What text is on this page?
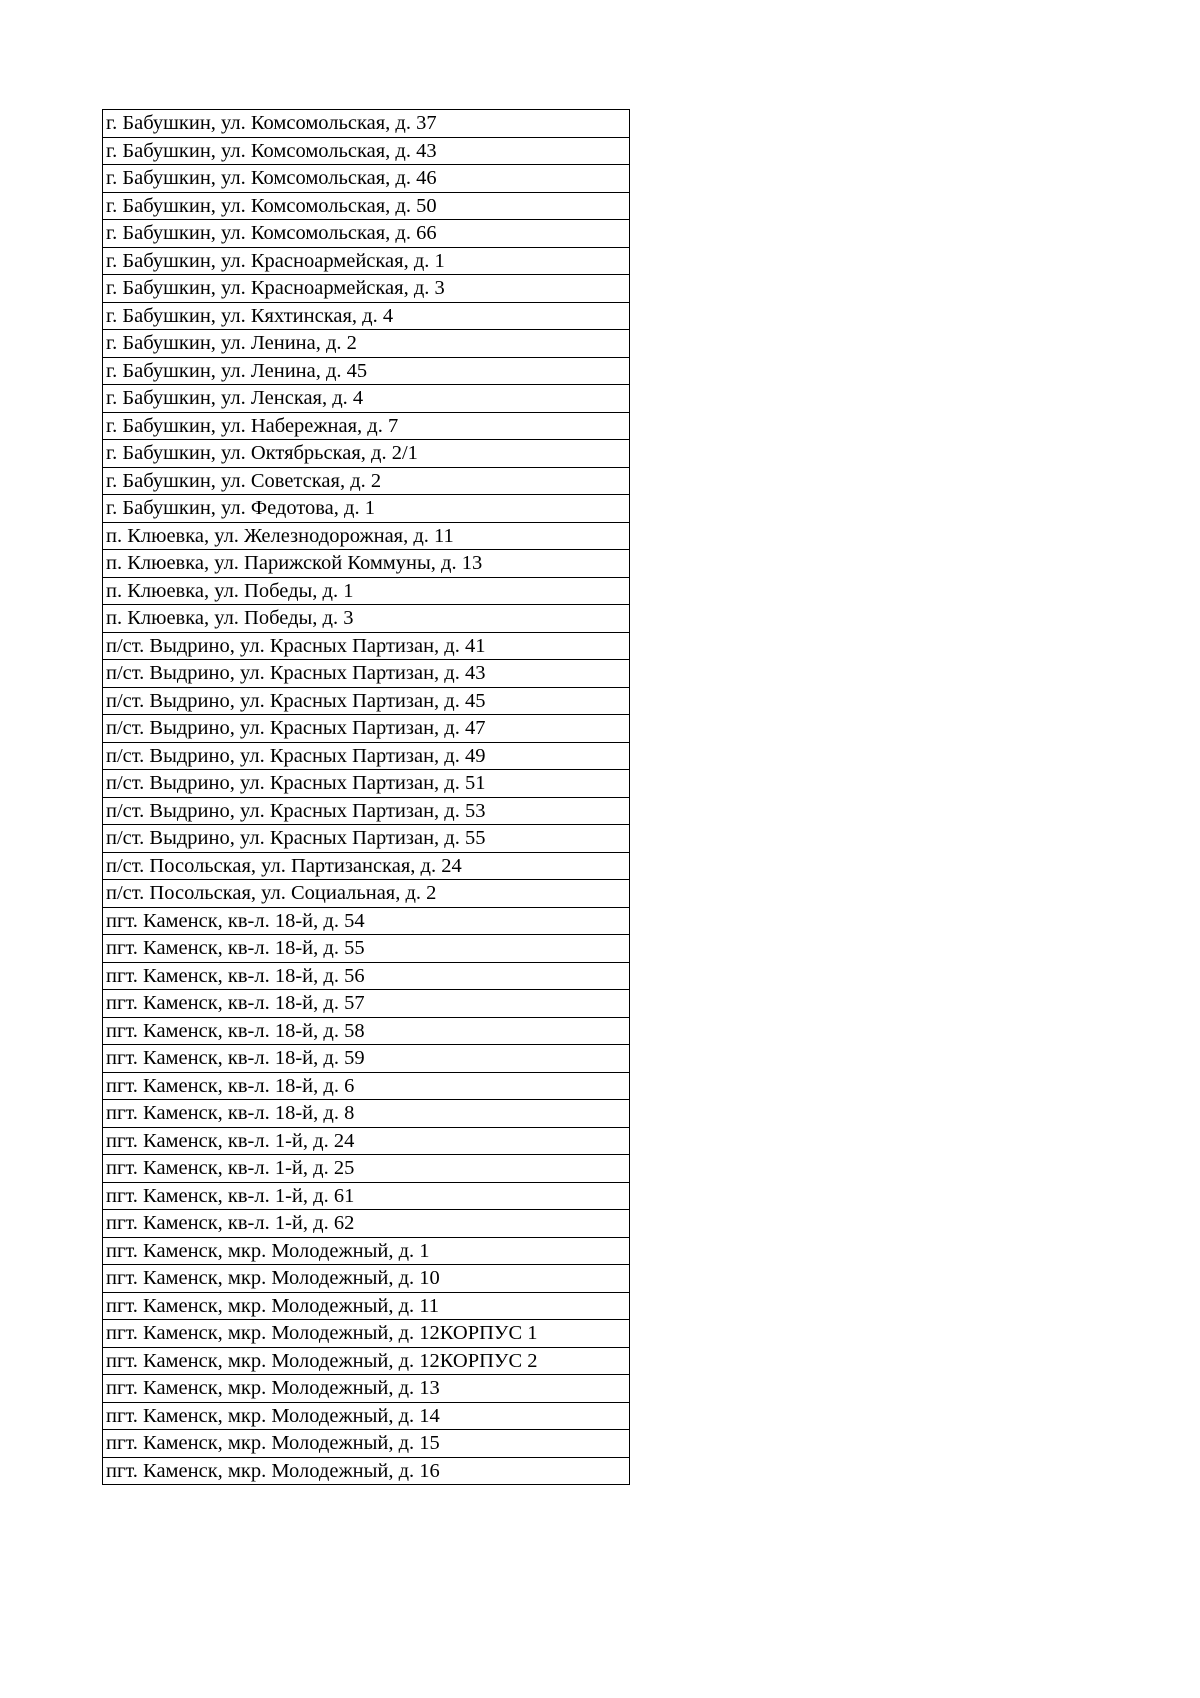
г. Бабушкин, ул. Комсомольская, д. 37
г. Бабушкин, ул. Комсомольская, д. 43
г. Бабушкин, ул. Комсомольская, д. 46
г. Бабушкин, ул. Комсомольская, д. 50
г. Бабушкин, ул. Комсомольская, д. 66
г. Бабушкин, ул. Красноармейская, д. 1
г. Бабушкин, ул. Красноармейская, д. 3
г. Бабушкин, ул. Кяхтинская, д. 4
г. Бабушкин, ул. Ленина, д. 2
г. Бабушкин, ул. Ленина, д. 45
г. Бабушкин, ул. Ленская, д. 4
г. Бабушкин, ул. Набережная, д. 7
г. Бабушкин, ул. Октябрьская, д. 2/1
г. Бабушкин, ул. Советская, д. 2
г. Бабушкин, ул. Федотова, д. 1
п. Клюевка, ул. Железнодорожная, д. 11
п. Клюевка, ул. Парижской Коммуны, д. 13
п. Клюевка, ул. Победы, д. 1
п. Клюевка, ул. Победы, д. 3
п/ст. Выдрино, ул. Красных Партизан, д. 41
п/ст. Выдрино, ул. Красных Партизан, д. 43
п/ст. Выдрино, ул. Красных Партизан, д. 45
п/ст. Выдрино, ул. Красных Партизан, д. 47
п/ст. Выдрино, ул. Красных Партизан, д. 49
п/ст. Выдрино, ул. Красных Партизан, д. 51
п/ст. Выдрино, ул. Красных Партизан, д. 53
п/ст. Выдрино, ул. Красных Партизан, д. 55
п/ст. Посольская, ул. Партизанская, д. 24
п/ст. Посольская, ул. Социальная, д. 2
пгт. Каменск, кв-л. 18-й, д. 54
пгт. Каменск, кв-л. 18-й, д. 55
пгт. Каменск, кв-л. 18-й, д. 56
пгт. Каменск, кв-л. 18-й, д. 57
пгт. Каменск, кв-л. 18-й, д. 58
пгт. Каменск, кв-л. 18-й, д. 59
пгт. Каменск, кв-л. 18-й, д. 6
пгт. Каменск, кв-л. 18-й, д. 8
пгт. Каменск, кв-л. 1-й, д. 24
пгт. Каменск, кв-л. 1-й, д. 25
пгт. Каменск, кв-л. 1-й, д. 61
пгт. Каменск, кв-л. 1-й, д. 62
пгт. Каменск, мкр. Молодежный, д. 1
пгт. Каменск, мкр. Молодежный, д. 10
пгт. Каменск, мкр. Молодежный, д. 11
пгт. Каменск, мкр. Молодежный, д. 12КОРПУС 1
пгт. Каменск, мкр. Молодежный, д. 12КОРПУС 2
пгт. Каменск, мкр. Молодежный, д. 13
пгт. Каменск, мкр. Молодежный, д. 14
пгт. Каменск, мкр. Молодежный, д. 15
пгт. Каменск, мкр. Молодежный, д. 16
